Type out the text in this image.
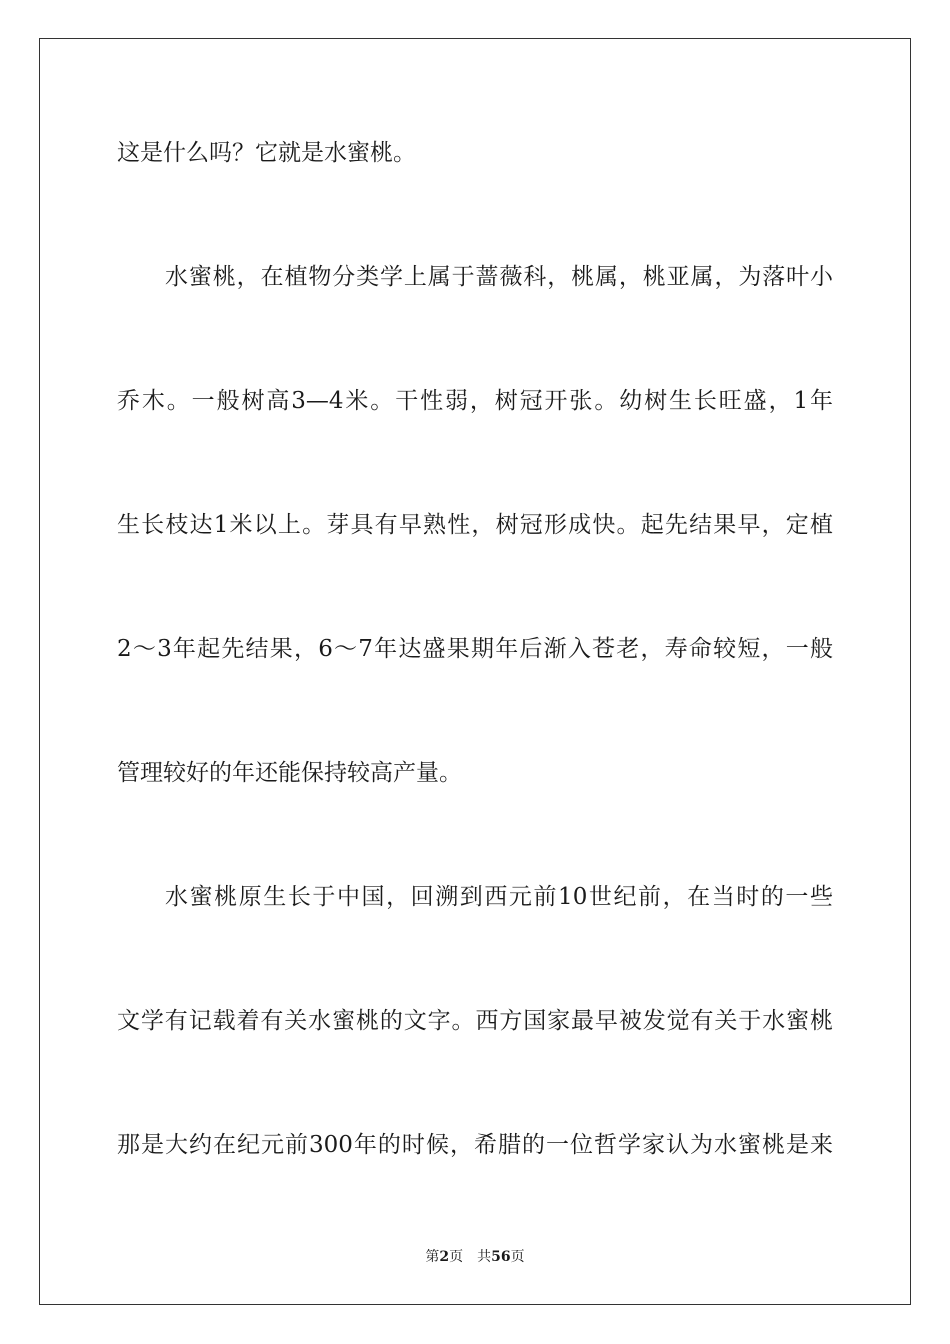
这是什么吗？它就是水蜜桃。
水蜜桃，在植物分类学上属于蔷薇科，桃属，桃亚属，为落叶小
乔木。一般树高3—4米。干性弱，树冠开张。幼树生长旺盛，1年
生长枝达1米以上。芽具有早熟性，树冠形成快。起先结果早，定植
2～3年起先结果，6～7年达盛果期年后渐入苍老，寿命较短，一般
管理较好的年还能保持较高产量。
水蜜桃原生长于中国，回溯到西元前10世纪前，在当时的一些
文学有记载着有关水蜜桃的文字。西方国家最早被发觉有关于水蜜桃
那是大约在纪元前300年的时候，希腊的一位哲学家认为水蜜桃是来
第2页 共56页
